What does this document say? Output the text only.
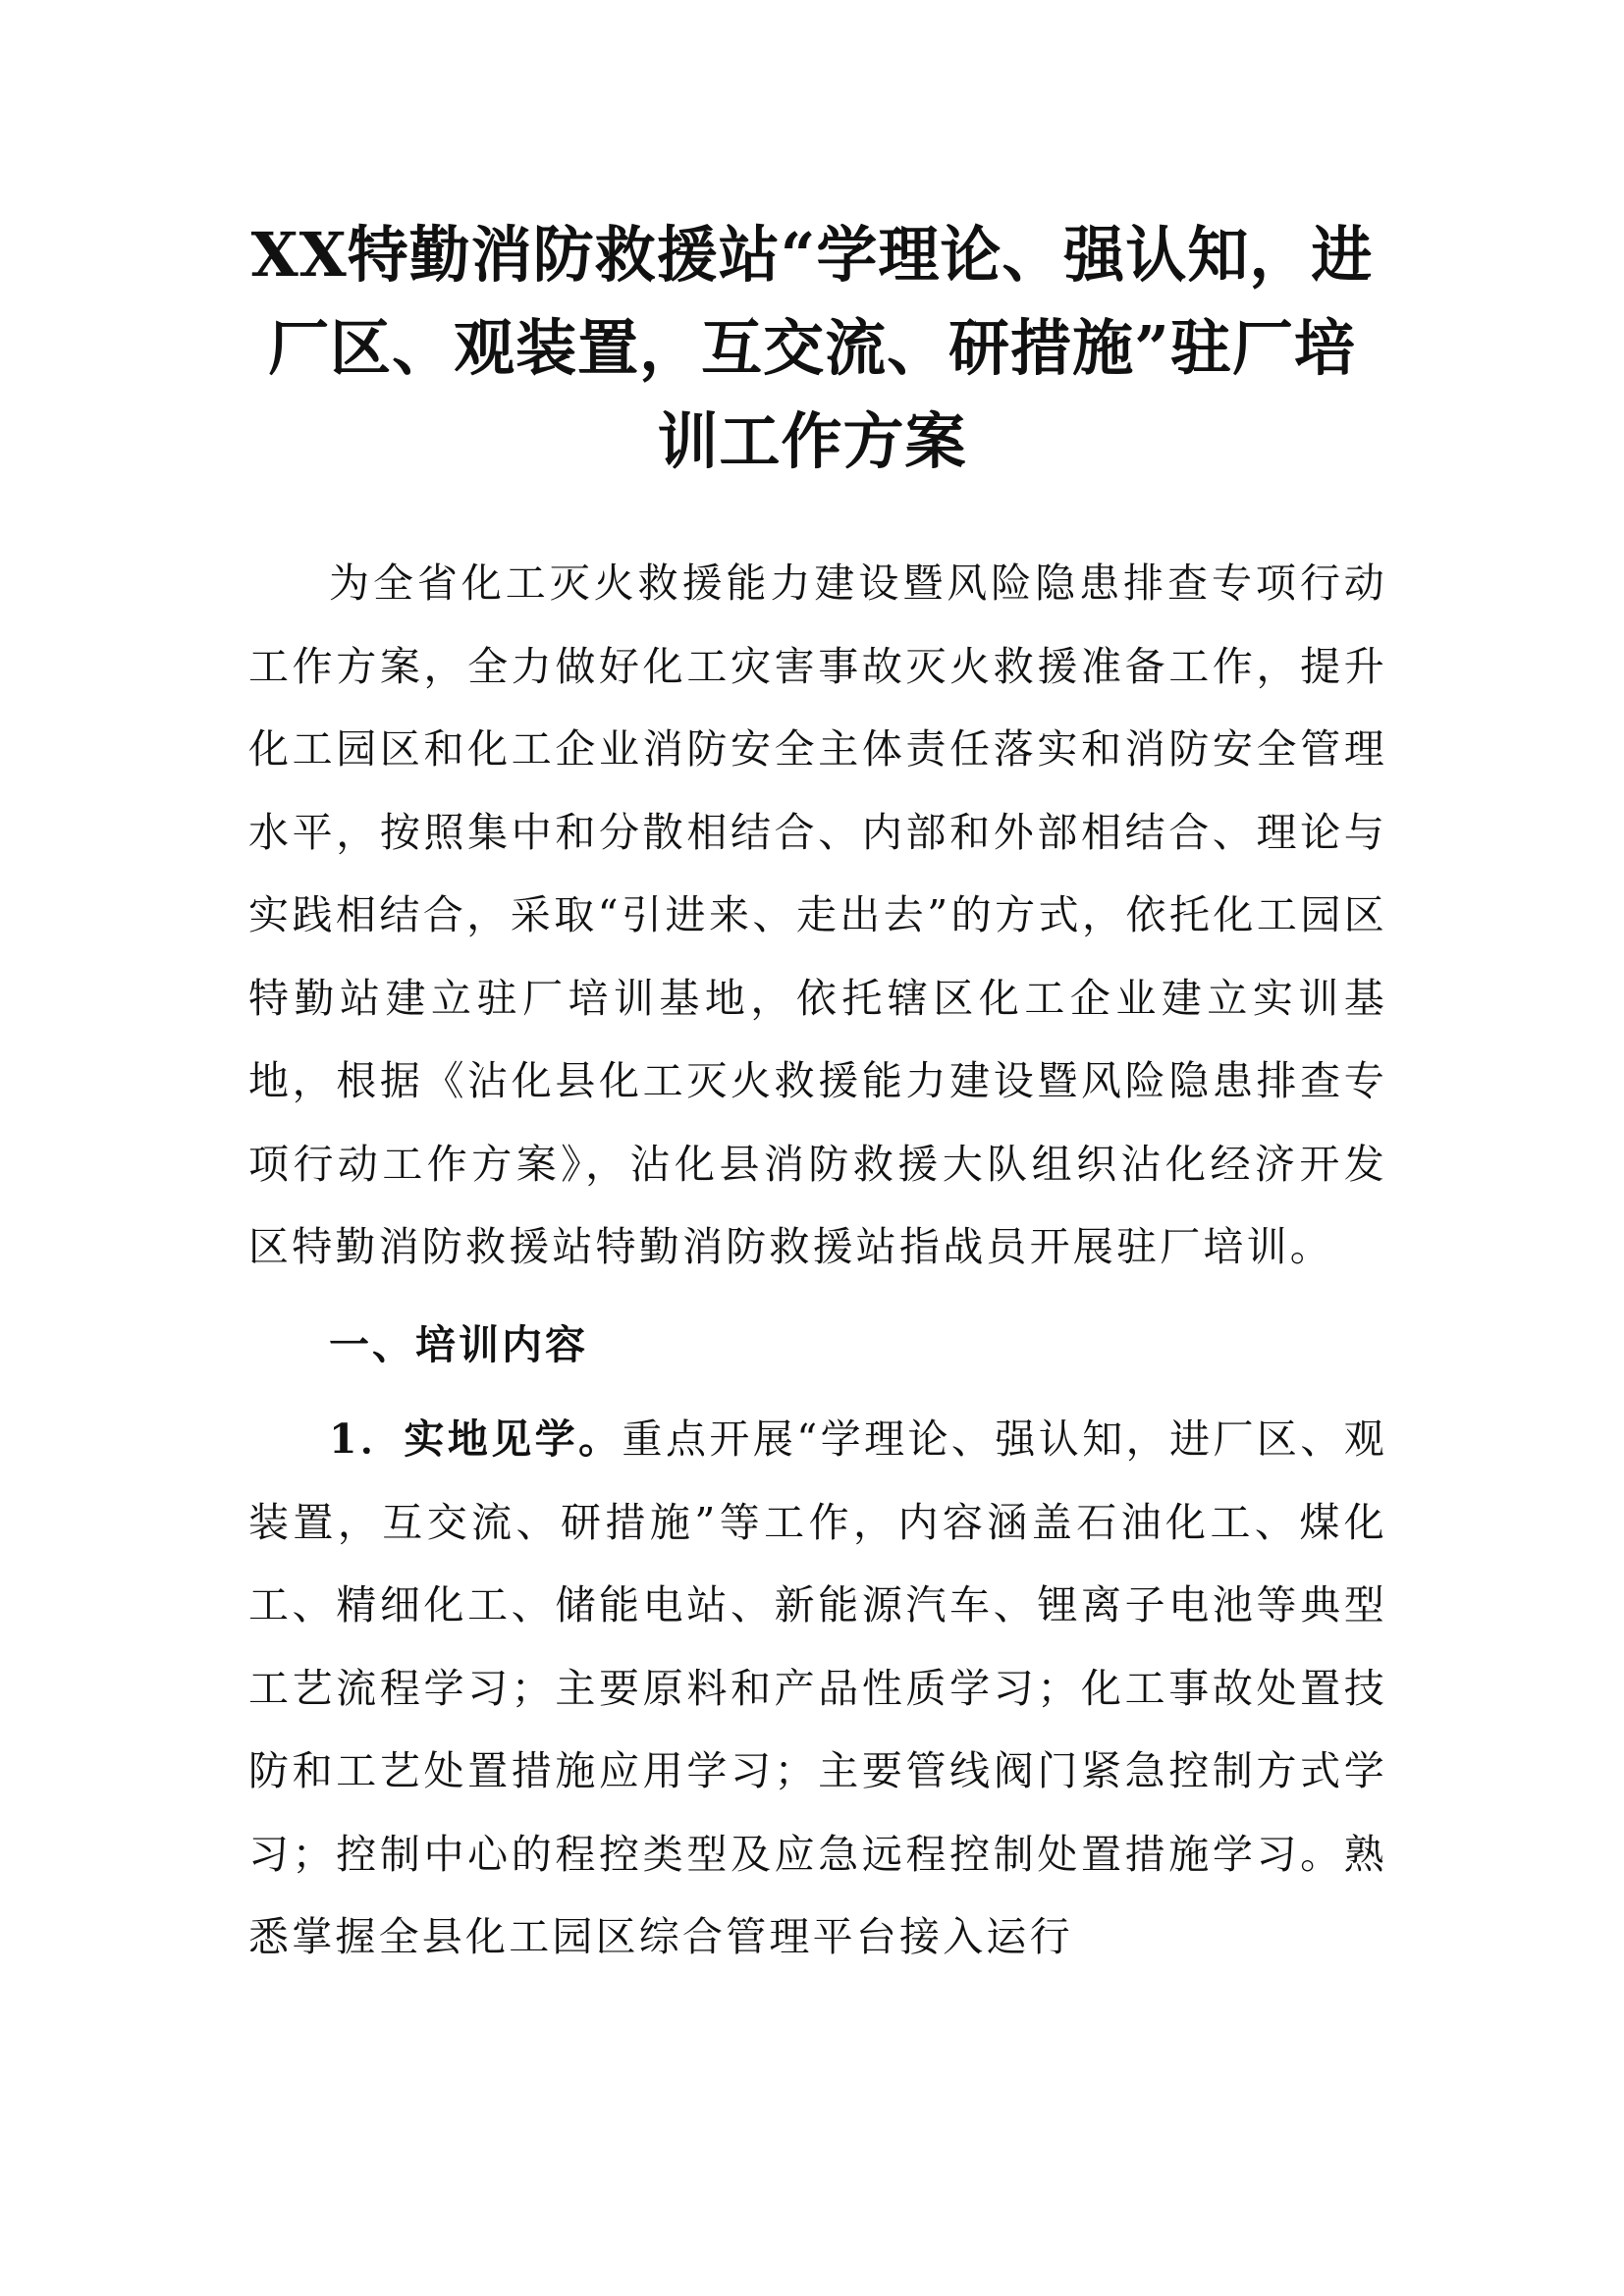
XX特勤消防救援站“学理论、强认知，进
厂区、观装置，互交流、研措施”驻厂培
训工作方案

为全省化工灭火救援能力建设暨风险隐患排查专项行动工作方案，全力做好化工灾害事故灭火救援准备工作，提升化工园区和化工企业消防安全主体责任落实和消防安全管理水平，按照集中和分散相结合、内部和外部相结合、理论与实践相结合，采取“引进来、走出去”的方式，依托化工园区特勤站建立驻厂培训基地，依托辖区化工企业建立实训基地，根据《沾化县化工灭火救援能力建设暨风险隐患排查专项行动工作方案》，沾化县消防救援大队组织沾化经济开发区特勤消防救援站特勤消防救援站指战员开展驻厂培训。

一、培训内容

1．实地见学。重点开展“学理论、强认知，进厂区、观装置，互交流、研措施”等工作，内容涵盖石油化工、煤化工、精细化工、储能电站、新能源汽车、锂离子电池等典型工艺流程学习；主要原料和产品性质学习；化工事故处置技防和工艺处置措施应用学习；主要管线阀门紧急控制方式学习；控制中心的程控类型及应急远程控制处置措施学习。熟悉掌握全县化工园区综合管理平台接入运行
